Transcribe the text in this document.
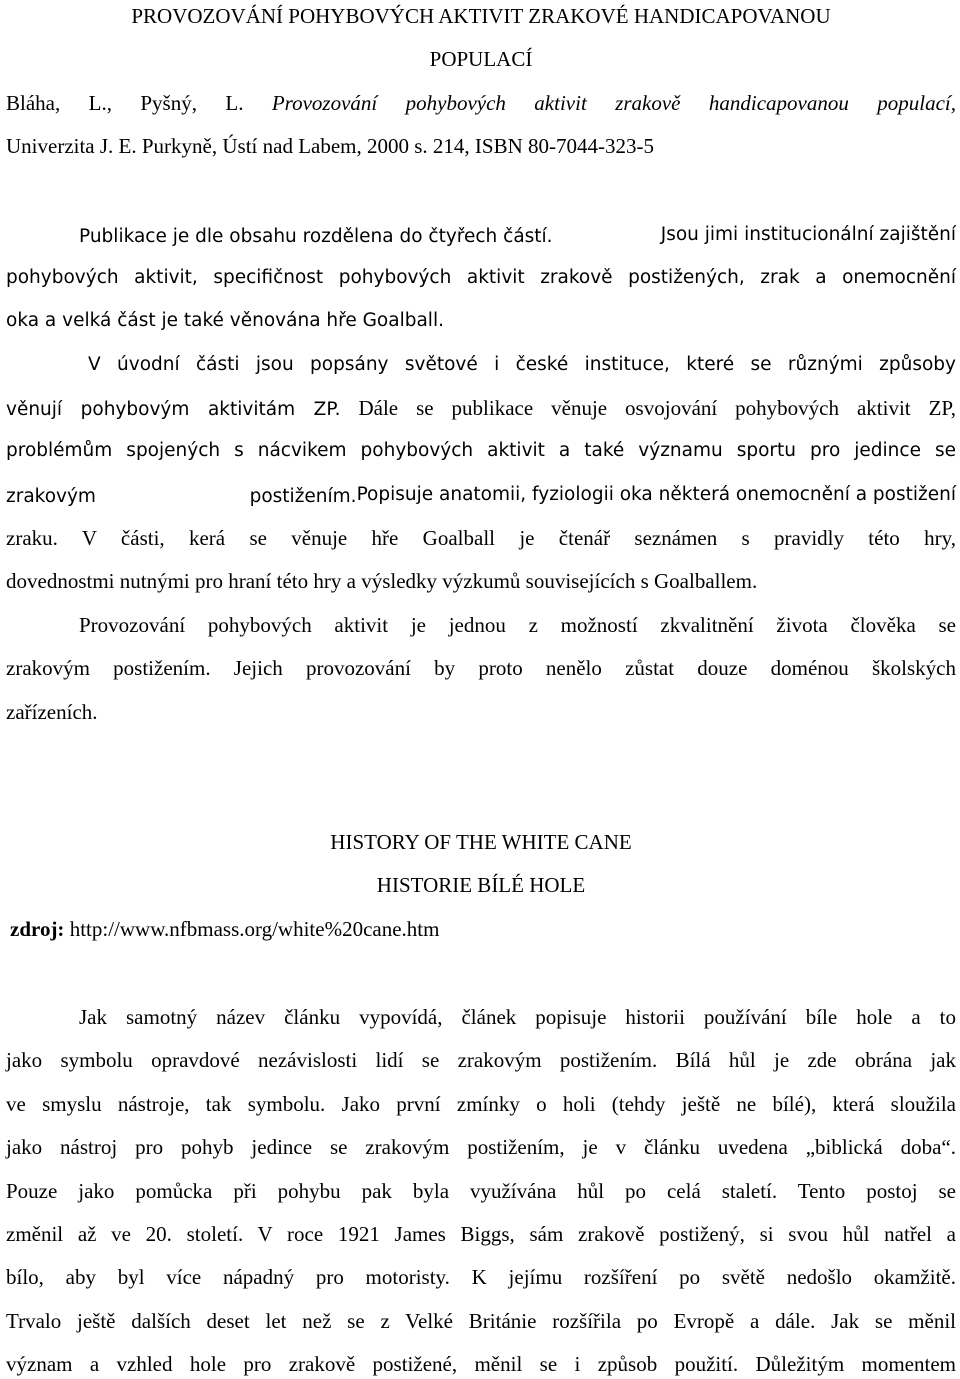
PROVOZOVÁNÍ POHYBOVÝCH AKTIVIT ZRAKOVÉ HANDICAPOVANOU
POPULACÍ
Bláha, L., Pyšný, L. Provozování pohybových aktivit zrakově handicapovanou populací,
Univerzita J. E. Purkyně, Ústí nad Labem, 2000 s. 214, ISBN 80-7044-323-5
Publikace je dle obsahu rozdělena do čtyřech částí.	Jsou jimi institucionální zajištění
pohybových aktivit, specifičnost pohybových aktivit zrakově postižených, zrak a onemocnění
oka a velká část je také věnována hře Goalball.
V úvodní části jsou popsány světové i české instituce, které se různými způsoby
věnují pohybovým aktivitám ZP. Dále se publikace věnuje osvojování pohybových aktivit ZP,
problémům spojených s nácvikem pohybových aktivit a také významu sportu pro jedince se
zrakovým postižením. Popisuje anatomii, fyziologii oka některá onemocnění a postižení
zraku. V části, kerá se věnuje hře Goalball je čtenář seznámen s pravidly této hry,
dovednostmi nutnými pro hraní této hry a výsledky výzkumů souvisejících s Goalballem.
Provozování pohybových aktivit je jednou z možností zkvalitnění života člověka se
zrakovým postižením. Jejich provozování by proto nenělo zůstat douze doménou školských
zařízeních.
HISTORY OF THE WHITE CANE
HISTORIE BÍLÉ HOLE
zdroj: http://www.nfbmass.org/white%20cane.htm
Jak samotný název článku vypovídá, článek popisuje historii používání bíle hole a to
jako symbolu opravdové nezávislosti lidí se zrakovým postižením. Bílá hůl je zde obrána jak
ve smyslu nástroje, tak symbolu. Jako první zmínky o holi (tehdy ještě ne bílé), která sloužila
jako nástroj pro pohyb jedince se zrakovým postižením, je v článku uvedena „biblická doba“.
Pouze jako pomůcka při pohybu pak byla využívána hůl po celá staletí. Tento postoj se
změnil až ve 20. století. V roce 1921 James Biggs, sám zrakově postižený, si svou hůl natřel a
bílo, aby byl více nápadný pro motoristy. K jejímu rozšíření po světě nedošlo okamžitě.
Trvalo ještě dalších deset let než se z Velké Británie rozšířila po Evropě a dále. Jak se měnil
význam a vzhled hole pro zrakově postižené, měnil se i způsob použití. Důležitým momentem
